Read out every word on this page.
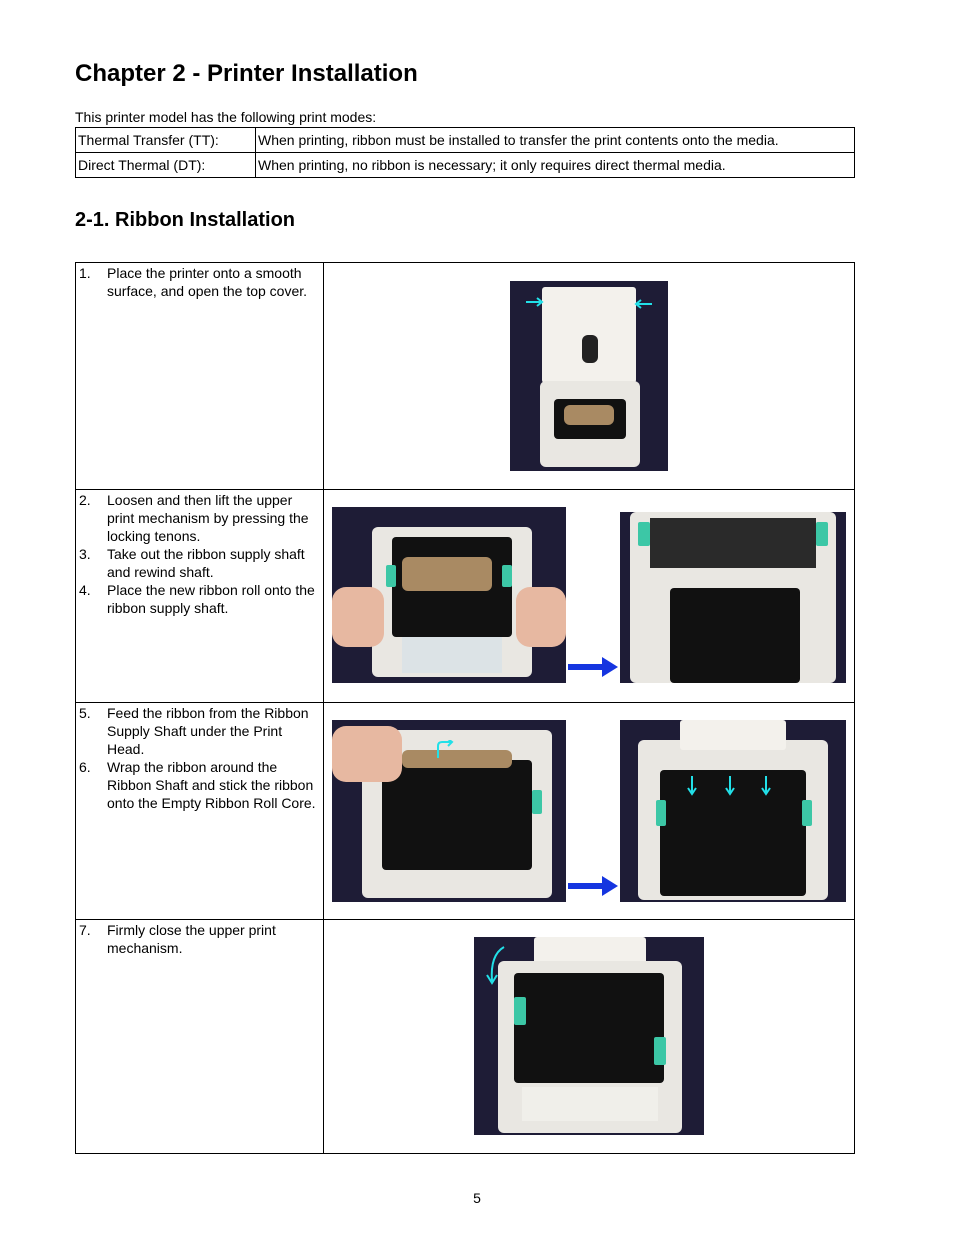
Chapter 2 - Printer Installation

This printer model has the following print modes:

Thermal Transfer (TT):	When printing, ribbon must be installed to transfer the print contents onto the media.
Direct Thermal (DT):	When printing, no ribbon is necessary; it only requires direct thermal media.
2-1. Ribbon Installation
1. Place the printer onto a smooth surface, and open the top cover.
2. Loosen and then lift the upper print mechanism by pressing the locking tenons.
3. Take out the ribbon supply shaft and rewind shaft.
4. Place the new ribbon roll onto the ribbon supply shaft.
5. Feed the ribbon from the Ribbon Supply Shaft under the Print Head.
6. Wrap the ribbon around the Ribbon Shaft and stick the ribbon onto the Empty Ribbon Roll Core.
7. Firmly close the upper print mechanism.
5
